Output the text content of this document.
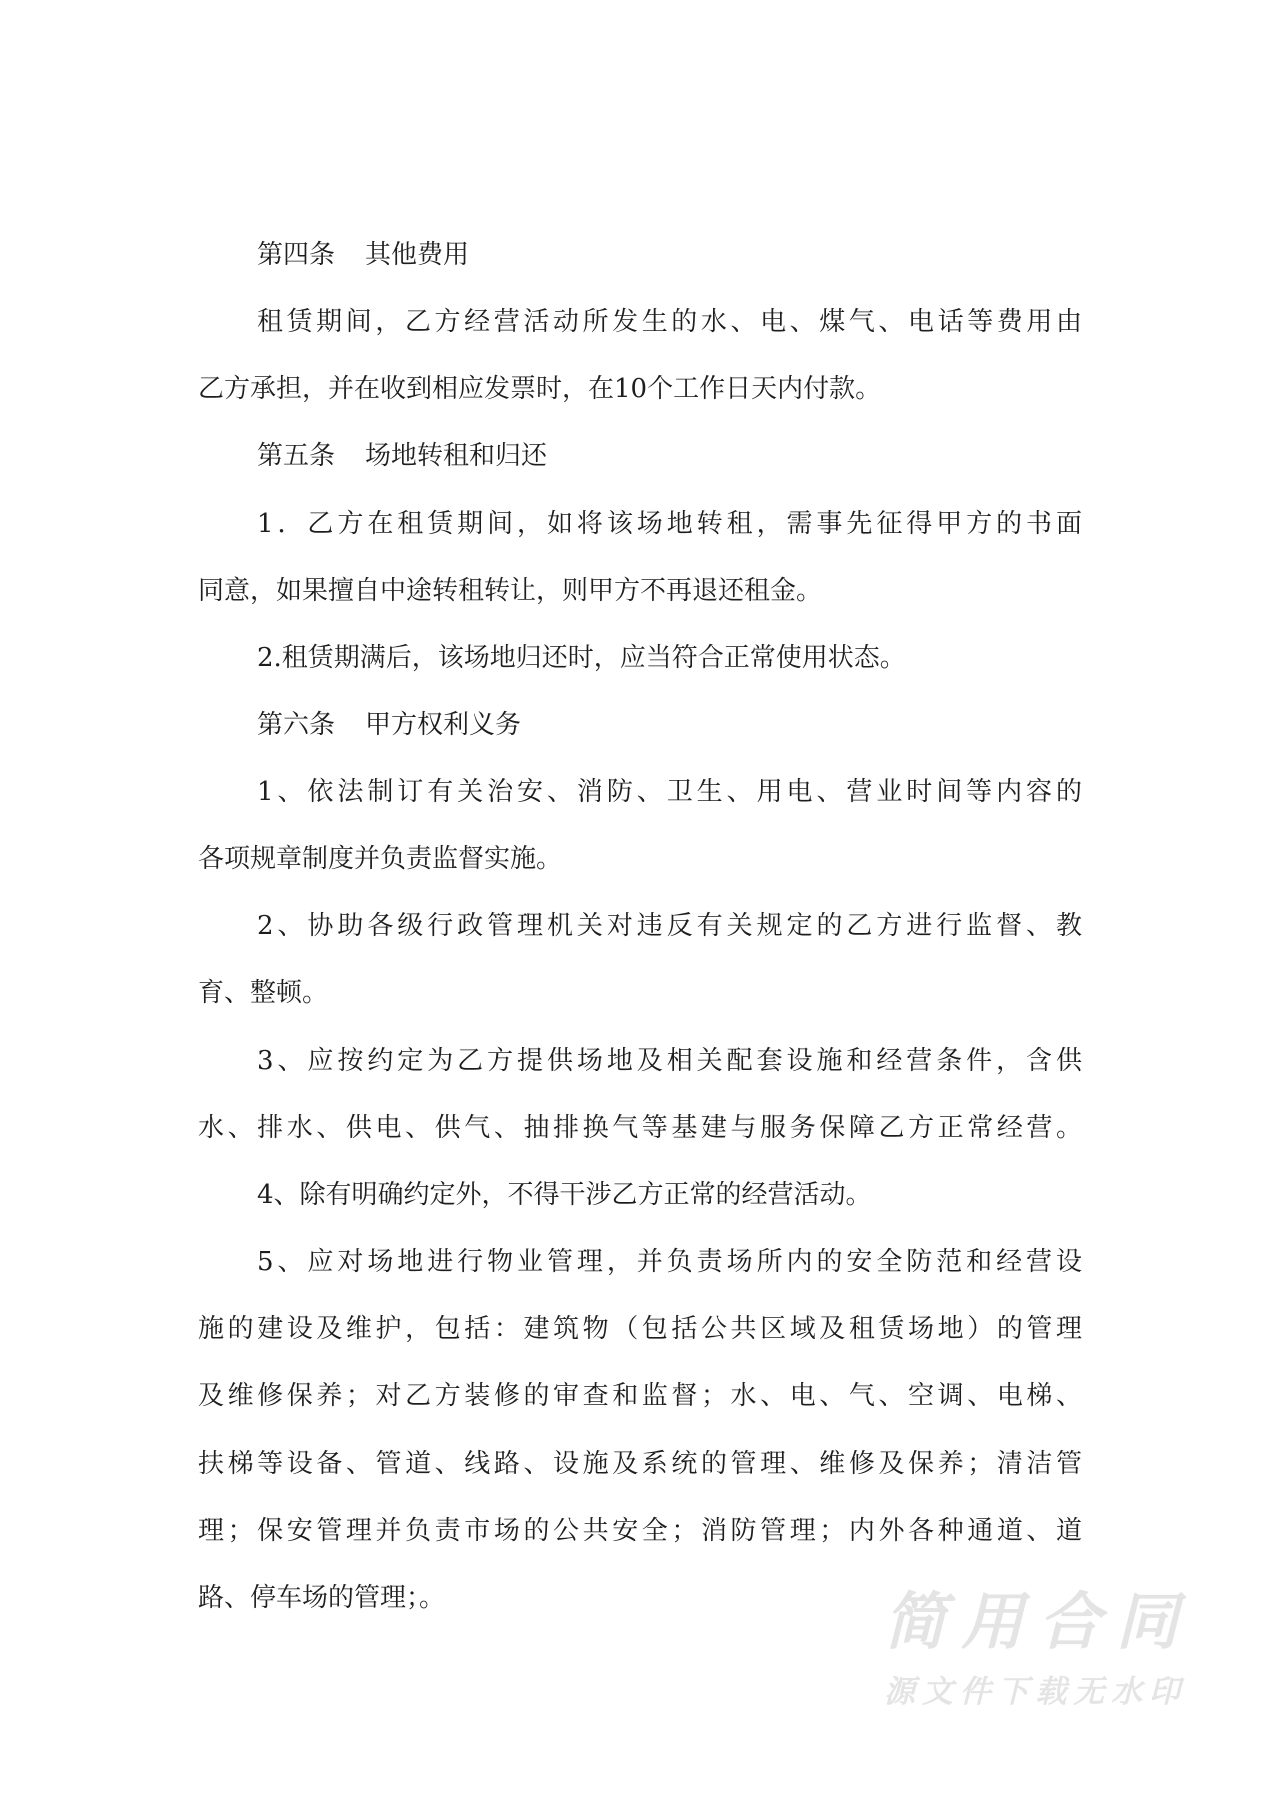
第四条 其他费用
租赁期间，乙方经营活动所发生的水、电、煤气、电话等费用由
乙方承担，并在收到相应发票时，在10个工作日天内付款。
第五条 场地转租和归还
1．乙方在租赁期间，如将该场地转租，需事先征得甲方的书面
同意，如果擅自中途转租转让，则甲方不再退还租金。
2.租赁期满后，该场地归还时，应当符合正常使用状态。
第六条 甲方权利义务
1、依法制订有关治安、消防、卫生、用电、营业时间等内容的
各项规章制度并负责监督实施。
2、协助各级行政管理机关对违反有关规定的乙方进行监督、教
育、整顿。
3、应按约定为乙方提供场地及相关配套设施和经营条件，含供
水、排水、供电、供气、抽排换气等基建与服务保障乙方正常经营。
4、除有明确约定外，不得干涉乙方正常的经营活动。
5、应对场地进行物业管理，并负责场所内的安全防范和经营设
施的建设及维护，包括：建筑物（包括公共区域及租赁场地）的管理
及维修保养；对乙方装修的审查和监督；水、电、气、空调、电梯、
扶梯等设备、管道、线路、设施及系统的管理、维修及保养；清洁管
理；保安管理并负责市场的公共安全；消防管理；内外各种通道、道
路、停车场的管理；。	简用合同
源文件下载无水印
